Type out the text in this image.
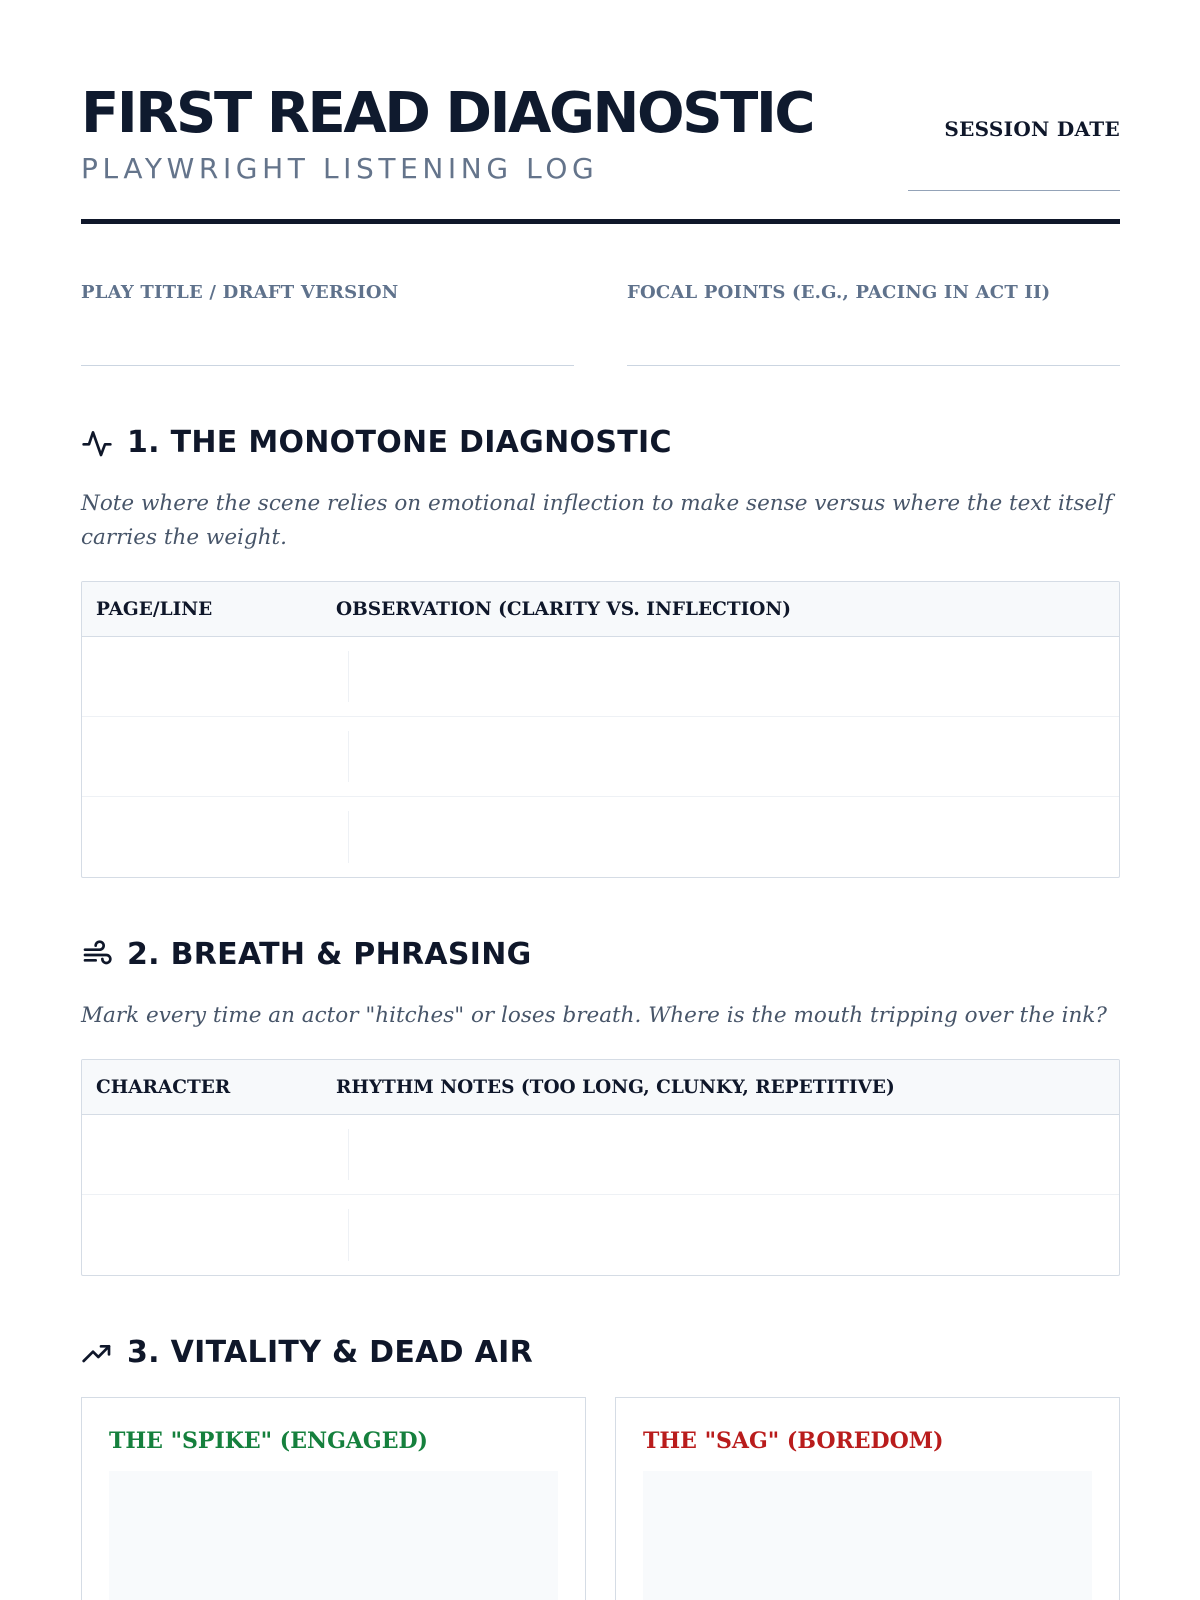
FIRST READ DIAGNOSTIC
PLAYWRIGHT LISTENING LOG
SESSION DATE
PLAY TITLE / DRAFT VERSION	FOCAL POINTS (E.G., PACING IN ACT II)
1. THE MONOTONE DIAGNOSTIC

Note where the scene relies on emotional inflection to make sense versus where the text itself carries the weight.

PAGE/LINE	OBSERVATION (CLARITY VS. INFLECTION)
2. BREATH & PHRASING

Mark every time an actor "hitches" or loses breath. Where is the mouth tripping over the ink?

CHARACTER	RHYTHM NOTES (TOO LONG, CLUNKY, REPETITIVE)
3. VITALITY & DEAD AIR
THE "SPIKE" (ENGAGED)	THE "SAG" (BOREDOM)
